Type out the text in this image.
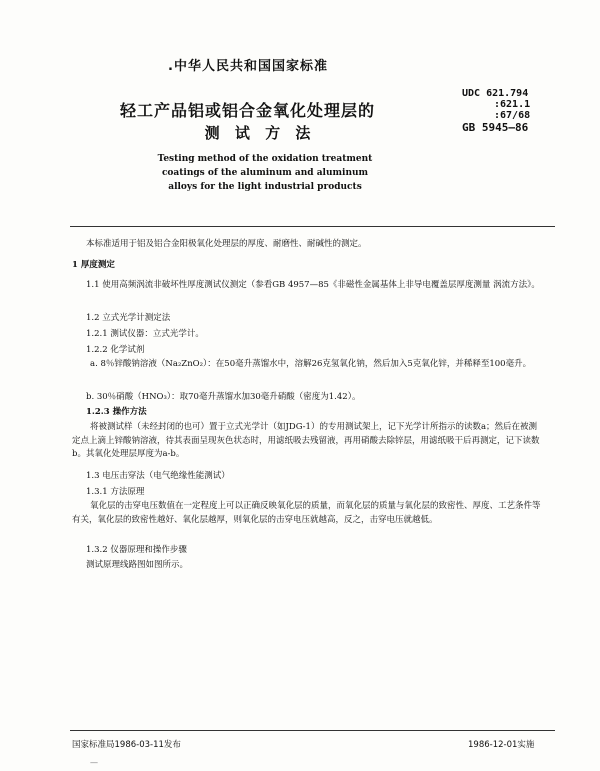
.中华人民共和国国家标准
UDC 621.794
:621.1
:67/68
GB 5945—86
轻工产品铝或铝合金氧化处理层的
测 试 方 法
Testing method of the oxidation treatment
coatings of the aluminum and aluminum
alloys for the light industrial products
本标准适用于铝及铝合金阳极氧化处理层的厚度、耐磨性、耐碱性的测定。
1 厚度测定
1.1 使用高频涡流非破坏性厚度测试仪测定（参看GB 4957—85《非磁性金属基体上非导电覆盖层厚度测量 涡流方法》。
1.2 立式光学计测定法
1.2.1 测试仪器：立式光学计。
1.2.2 化学试剂
a. 8％锌酸钠溶液（Na₂ZnO₂）：在50毫升蒸馏水中，溶解26克氢氧化钠，然后加入5克氧化锌，并稀释至100毫升。
b. 30％硝酸（HNO₃）：取70毫升蒸馏水加30毫升硝酸（密度为1.42）。
1.2.3 操作方法
将被测试样（未经封闭的也可）置于立式光学计（如JDG-1）的专用测试架上，记下光学计所指示的读数a；然后在被测定点上滴上锌酸钠溶液，待其表面呈现灰色状态时，用滤纸吸去残留液，再用硝酸去除锌层，用滤纸吸干后再测定，记下读数b。其氧化处理层厚度为a-b。
1.3 电压击穿法（电气绝缘性能测试）
1.3.1 方法原理
氧化层的击穿电压数值在一定程度上可以正确反映氧化层的质量，而氧化层的质量与氧化层的致密性、厚度、工艺条件等有关，氧化层的致密性越好、氧化层越厚，则氧化层的击穿电压就越高，反之，击穿电压就越低。
1.3.2 仪器原理和操作步骤
测试原理线路图如图所示。
国家标准局1986-03-11发布	1986-12-01实施
—
